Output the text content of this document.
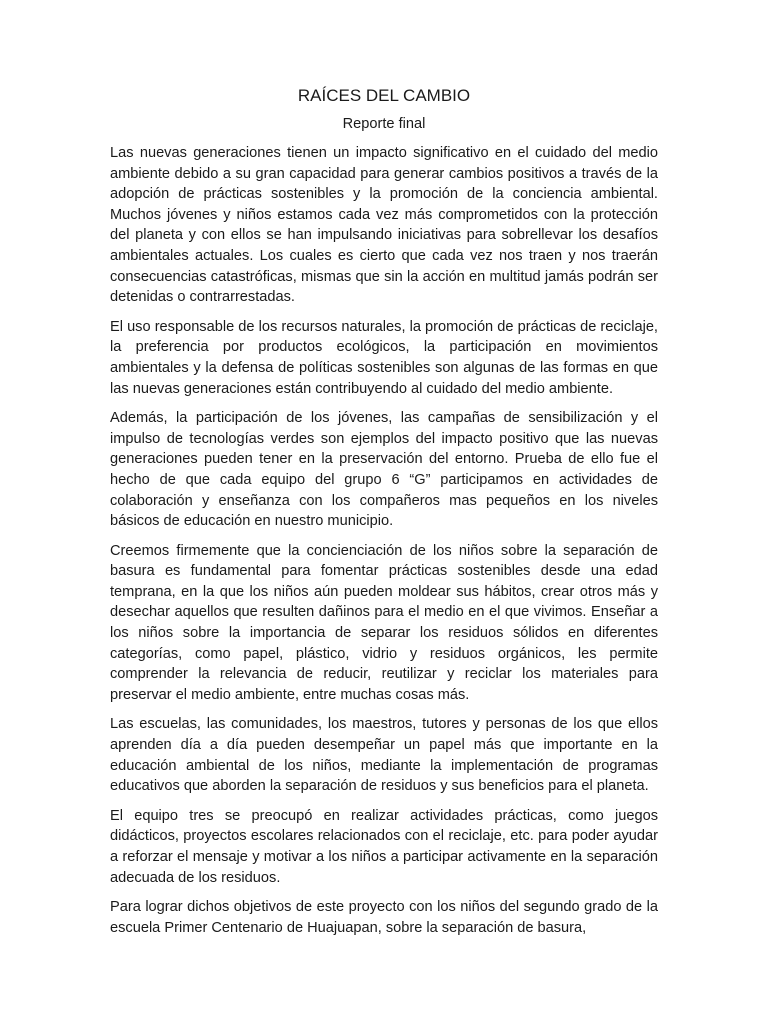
RAÍCES DEL CAMBIO

Reporte final

Las nuevas generaciones tienen un impacto significativo en el cuidado del medio ambiente debido a su gran capacidad para generar cambios positivos a través de la adopción de prácticas sostenibles y la promoción de la conciencia ambiental. Muchos jóvenes y niños estamos cada vez más comprometidos con la protección del planeta y con ellos se han impulsando iniciativas para sobrellevar los desafíos ambientales actuales. Los cuales es cierto que cada vez nos traen y nos traerán consecuencias catastróficas, mismas que sin la acción en multitud jamás podrán ser detenidas o contrarrestadas.

El uso responsable de los recursos naturales, la promoción de prácticas de reciclaje, la preferencia por productos ecológicos, la participación en movimientos ambientales y la defensa de políticas sostenibles son algunas de las formas en que las nuevas generaciones están contribuyendo al cuidado del medio ambiente.

Además, la participación de los jóvenes, las campañas de sensibilización y el impulso de tecnologías verdes son ejemplos del impacto positivo que las nuevas generaciones pueden tener en la preservación del entorno. Prueba de ello fue el hecho de que cada equipo del grupo 6 “G” participamos en actividades de colaboración y enseñanza con los compañeros mas pequeños en los niveles básicos de educación en nuestro municipio.

Creemos firmemente que la concienciación de los niños sobre la separación de basura es fundamental para fomentar prácticas sostenibles desde una edad temprana, en la que los niños aún pueden moldear sus hábitos, crear otros más y desechar aquellos que resulten dañinos para el medio en el que vivimos. Enseñar a los niños sobre la importancia de separar los residuos sólidos en diferentes categorías, como papel, plástico, vidrio y residuos orgánicos, les permite comprender la relevancia de reducir, reutilizar y reciclar los materiales para preservar el medio ambiente, entre muchas cosas más.

Las escuelas, las comunidades, los maestros, tutores y personas de los que ellos aprenden día a día pueden desempeñar un papel más que importante en la educación ambiental de los niños, mediante la implementación de programas educativos que aborden la separación de residuos y sus beneficios para el planeta.

El equipo tres se preocupó en realizar actividades prácticas, como juegos didácticos, proyectos escolares relacionados con el reciclaje, etc. para poder ayudar a reforzar el mensaje y motivar a los niños a participar activamente en la separación adecuada de los residuos.

Para lograr dichos objetivos de este proyecto con los niños del segundo grado de la escuela Primer Centenario de Huajuapan, sobre la separación de basura,
